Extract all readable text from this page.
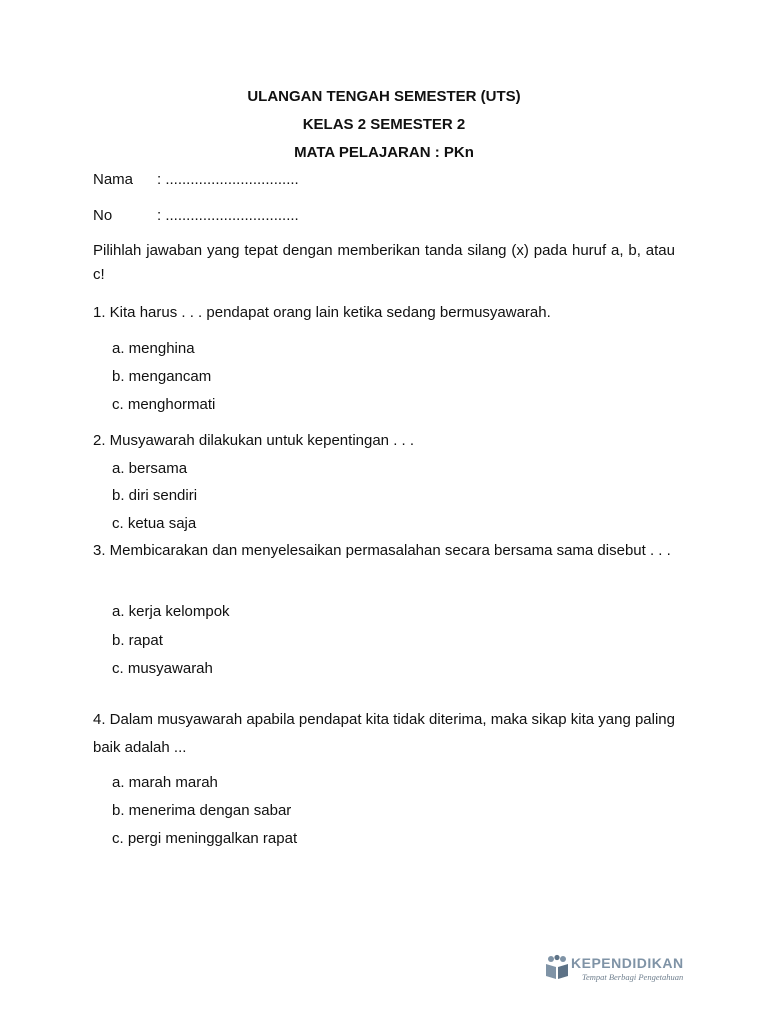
ULANGAN TENGAH SEMESTER (UTS)
KELAS 2 SEMESTER 2
MATA PELAJARAN : PKn
Nama : ................................
No	: ................................
Pilihlah jawaban yang tepat dengan memberikan tanda silang (x) pada huruf a, b, atau c!
1. Kita harus . . . pendapat orang lain ketika sedang bermusyawarah.
a. menghina
b. mengancam
c. menghormati
2. Musyawarah dilakukan untuk kepentingan . . .
a. bersama
b. diri sendiri
c. ketua saja
3. Membicarakan dan menyelesaikan permasalahan secara bersama sama disebut . . .
a. kerja kelompok
b. rapat
c. musyawarah
4. Dalam musyawarah apabila pendapat kita tidak diterima, maka sikap kita yang paling baik adalah ...
a. marah marah
b. menerima dengan sabar
c. pergi meninggalkan rapat
KEPENDIDIKAN
Tempat Berbagi Pengetahuan
